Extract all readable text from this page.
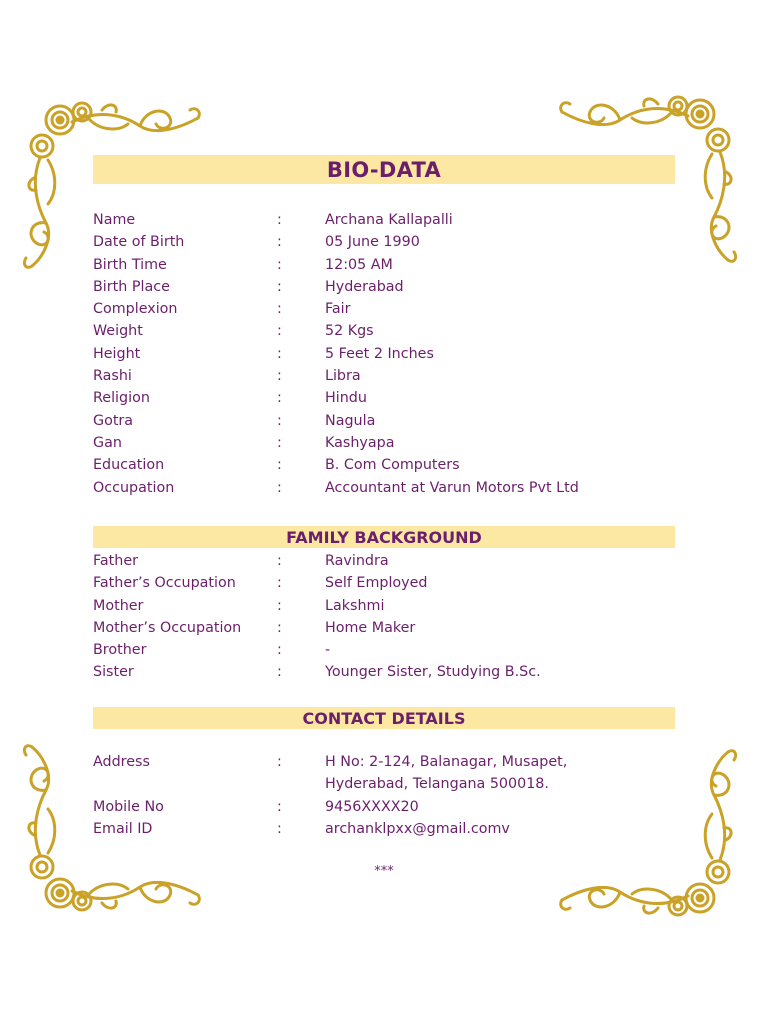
BIO-DATA
Name	:	Archana Kallapalli
Date of Birth	:	05 June 1990
Birth Time	:	12:05 AM
Birth Place	:	Hyderabad
Complexion	:	Fair
Weight	:	52 Kgs
Height	:	5 Feet 2 Inches
Rashi	:	Libra
Religion	:	Hindu
Gotra	:	Nagula
Gan	:	Kashyapa
Education	:	B. Com Computers
Occupation	:	Accountant at Varun Motors Pvt Ltd
FAMILY BACKGROUND
Father	:	Ravindra
Father’s Occupation	:	Self Employed
Mother	:	Lakshmi
Mother’s Occupation	:	Home Maker
Brother	:	-
Sister	:	Younger Sister, Studying B.Sc.
CONTACT DETAILS
Address	:	H No: 2-124, Balanagar, Musapet,
Hyderabad, Telangana 500018.
Mobile No	:	9456XXXX20
Email ID	:	archanklpxx@gmail.comv
***
